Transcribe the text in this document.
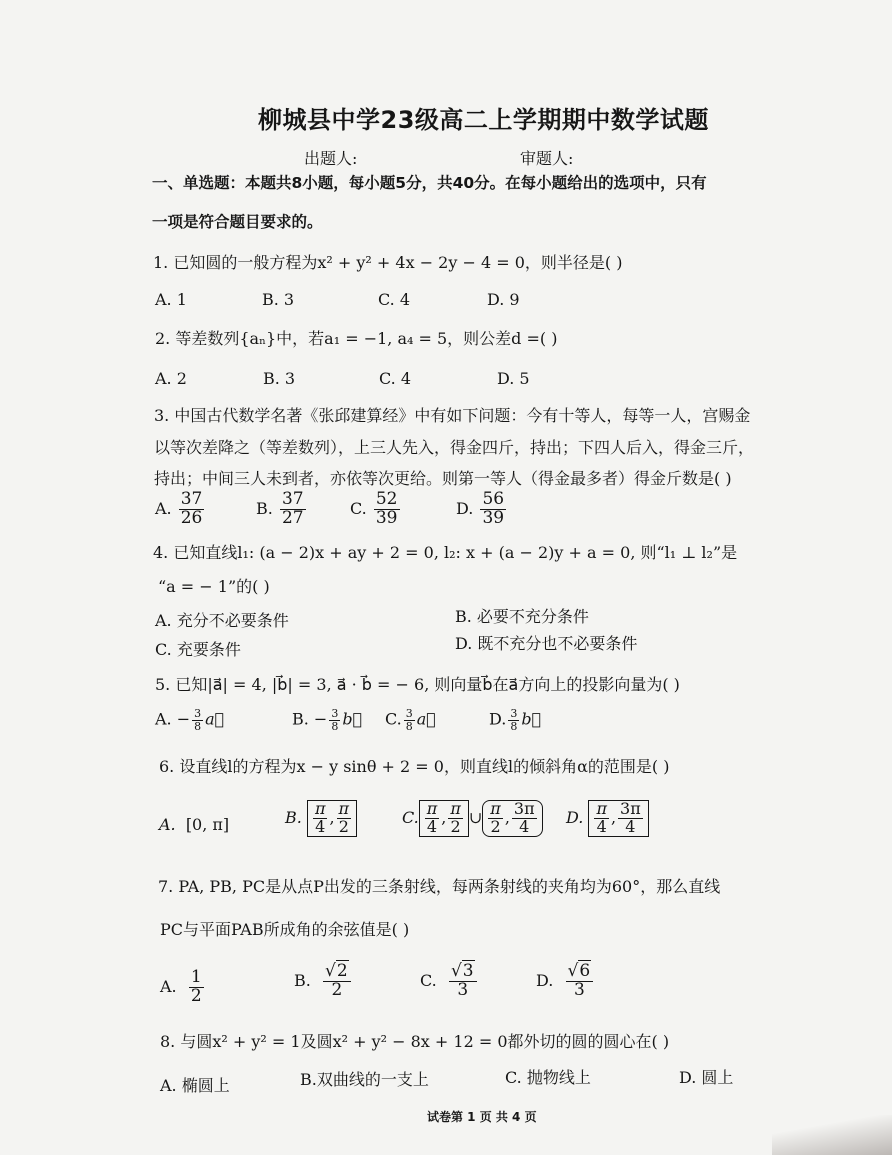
柳城县中学23级高二上学期期中数学试题
出题人:	审题人:
一、单选题：本题共8小题，每小题5分，共40分。在每小题给出的选项中，只有
一项是符合题目要求的。
1. 已知圆的一般方程为x² + y² + 4x − 2y − 4 = 0，则半径是( )
A. 1	B. 3	C. 4	D. 9
2. 等差数列{aₙ}中，若a₁ = −1, a₄ = 5，则公差d =( )
A. 2	B. 3	C. 4	D. 5
3. 中国古代数学名著《张邱建算经》中有如下问题：今有十等人，每等一人，宫赐金
以等次差降之（等差数列），上三人先入，得金四斤，持出；下四人后入，得金三斤，
持出；中间三人未到者，亦依等次更给。则第一等人（得金最多者）得金斤数是( )
A. $\frac{37}{26}$	B. $\frac{37}{27}$	C. $\frac{52}{39}$	D. $\frac{56}{39}$
4. 已知直线l₁: (a − 2)x + ay + 2 = 0, l₂: x + (a − 2)y + a = 0, 则“l₁ ⊥ l₂”是
“a = − 1”的( )
A. 充分不必要条件	B. 必要不充分条件
C. 充要条件	D. 既不充分也不必要条件
5. 已知|a⃗| = 4, |b⃗| = 3, a⃗ · b⃗ = − 6, 则向量b⃗在a⃗方向上的投影向量为( )
A. − $\frac{3}{8}$ a⃗	B. − $\frac{3}{8}$ b⃗ C. $\frac{3}{8}$ a⃗	D. $\frac{3}{8}$ b⃗
6. 设直线l的方程为x − y sinθ + 2 = 0，则直线l的倾斜角α的范围是( )
A. [0, π]	B. $\frac{\pi}{4}$ , $\frac{\pi}{2}$	C. $\frac{\pi}{4}$ , $\frac{\pi}{2}$ ∪ $\frac{\pi}{2}$ , $\frac{3\pi}{4} D$. $\frac{\pi}{4}$ , $\frac{3\pi}{4}$
7. PA, PB, PC是从点P出发的三条射线，每两条射线的夹角均为60°，那么直线
PC与平面PAB所成角的余弦值是( )
A. $\frac{1}{2}$	B. $\frac{√2}{2}$	C. $\frac{√3}{3}$	D. $\frac{√6}{3}$
8. 与圆x² + y² = 1及圆x² + y² − 8x + 12 = 0都外切的圆的圆心在( )
A. 椭圆上	B.双曲线的一支上	C. 抛物线上	D. 圆上
试卷第 1 页 共 4 页
